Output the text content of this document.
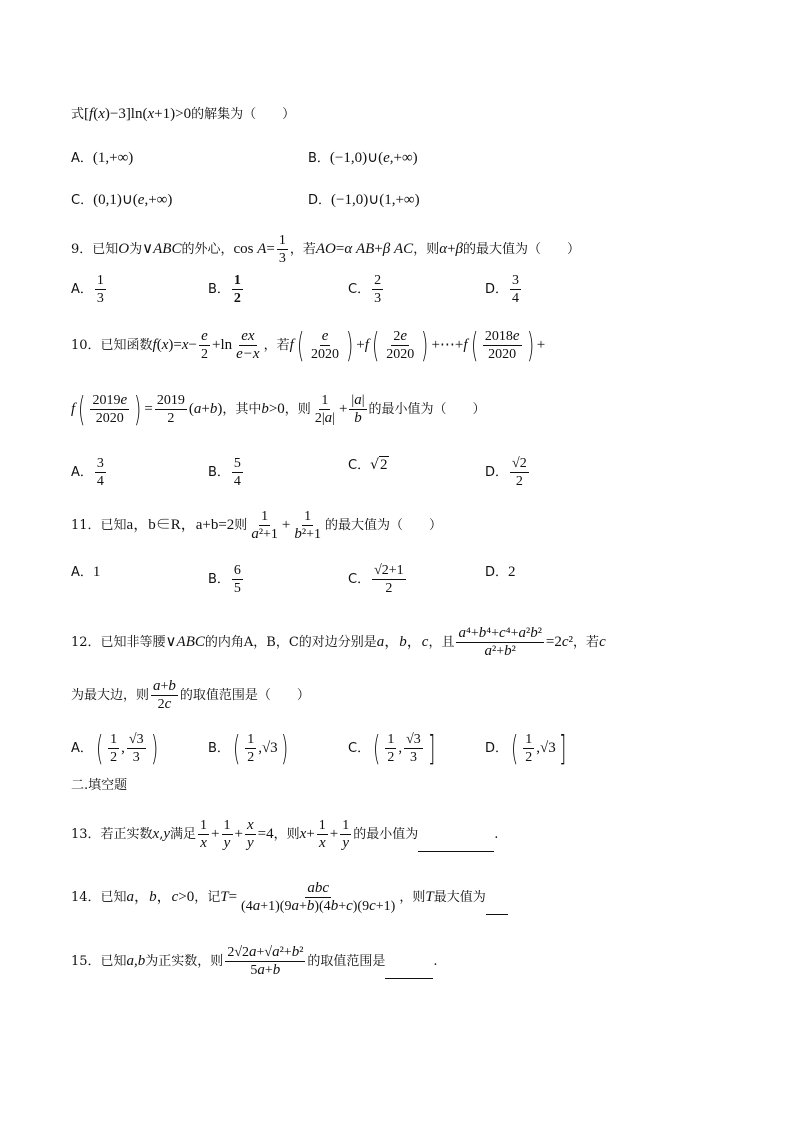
式[f(x)−3]ln(x+1)>0的解集为（　　）
A．(1,+∞)	B．(−1,0)∪(e,+∞)
C．(0,1)∪(e,+∞)	D．(−1,0)∪(1,+∞)
9．已知O为∨ABC的外心，$\cos A= \frac{1}{3}$ ，若AO=α AB+β AC，则α+β的最大值为（　　）
A． $\frac{1}{3}$	B． $\frac{1}{2}$	C． $\frac{2}{3}$	D． $\frac{3}{4}$
10．已知函数$f(x)=x- \frac{e}{2} +\ln \frac{ex}{e-x}$ ，若$f( \frac{e}{2020}$ ) $+f( \frac{2e}{2020}$ ) +⋯+f( $\frac{2018e}{2020}$ ) +
$f( \frac{2019e}{2020}$ ) = $\frac{2019}{2} (a+b)$，其中b>0，则 $\frac{1}{2|a|} + \frac{|a|}{b}$ 的最小值为（　　）
A． $\frac{3}{4}$	B． $\frac{5}{4}$	C．√2	D． $\frac{√2}{2}$
11．已知a，b∈R，a+b=2则 $\frac{1}{\text{a²+1}} + \frac{1}{\text{b²+1}}$ 的最大值为（　　）
A．1	B． $\frac{6}{5}$	C． $\frac{√2+1}{2}$	D．2
12．已知非等腰∨ABC的内角A，B，C的对边分别是a，b，c，且 $\frac{\text{a⁴+b⁴+c⁴+a²b²}}{\text{a²+b²}} =2c^2$，若c
为最大边，则 $\frac{a+b}{2c}$ 的取值范围是（　　）
A．( $\frac{1}{2}$ , $\frac{√3}{3}$ )	B．( $\frac{1}{2} ,√3$)	C．( $\frac{1}{2}$ , $\frac{√3}{3}$ ]	D．( $\frac{1}{2} ,√3$]
二.填空题
13．若正实数x,y满足 $\frac{1}{x} + \frac{1}{y} + \frac{x}{y} =4$，则$x+ \frac{1}{x} + \frac{1}{y}$ 的最小值为	.
14．已知a，b，c>0，记T=
abc
(4a+1)(9a+b)(4b+c)(9c+1)
，则T最大值为
15．已知a,b为正实数，则 $\frac{\text{2√2a+√a²+b²}}{5a+b}$ 的取值范围是	.
